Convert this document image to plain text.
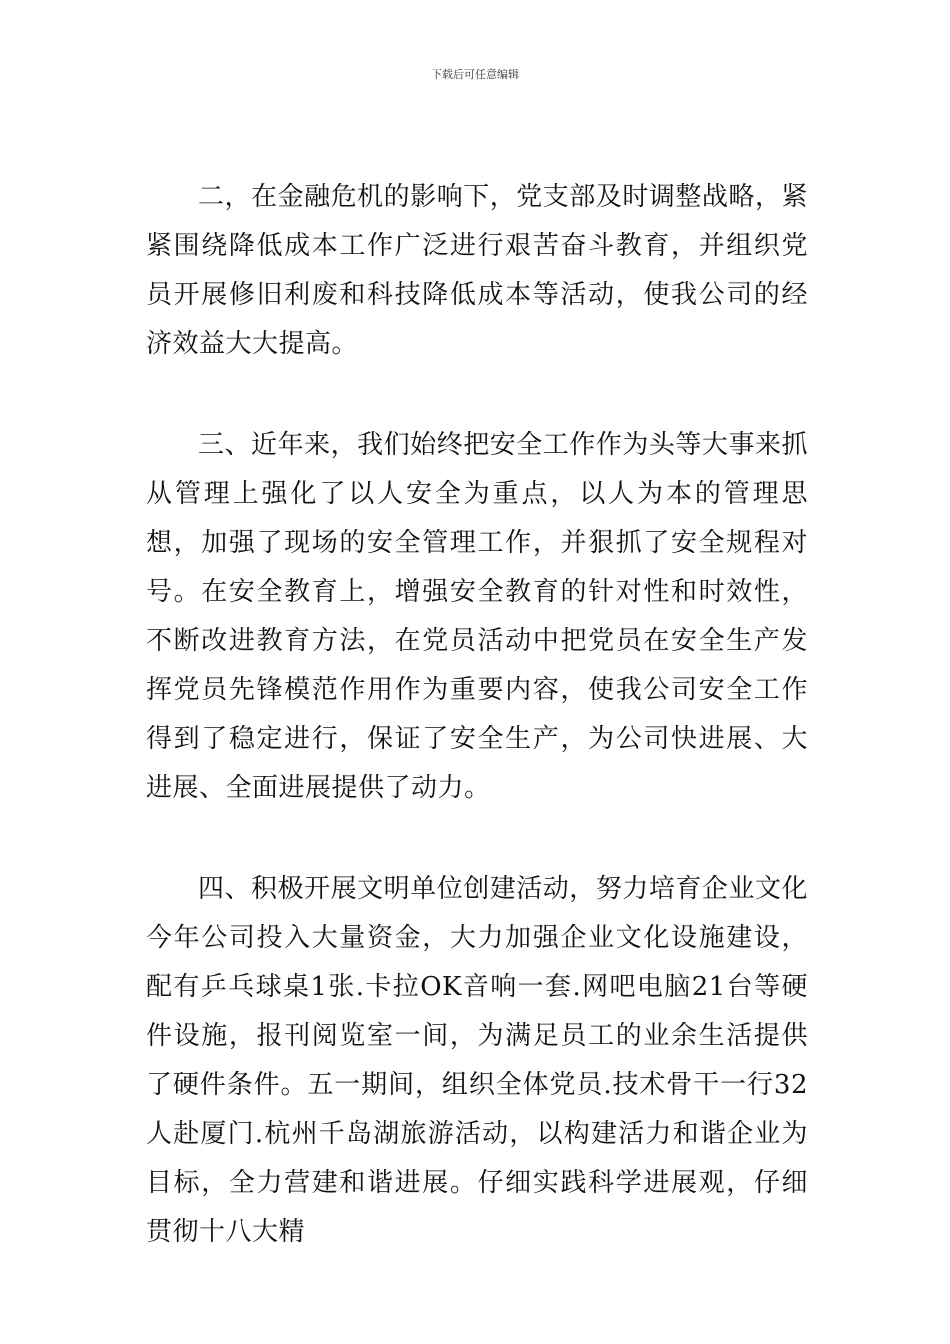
下载后可任意编辑

二，在金融危机的影响下，党支部及时调整战略，紧紧围绕降低成本工作广泛进行艰苦奋斗教育，并组织党员开展修旧利废和科技降低成本等活动，使我公司的经济效益大大提高。

三、近年来，我们始终把安全工作作为头等大事来抓从管理上强化了以人安全为重点，以人为本的管理思想，加强了现场的安全管理工作，并狠抓了安全规程对号。在安全教育上，增强安全教育的针对性和时效性，不断改进教育方法，在党员活动中把党员在安全生产发挥党员先锋模范作用作为重要内容，使我公司安全工作得到了稳定进行，保证了安全生产，为公司快进展、大进展、全面进展提供了动力。

四、积极开展文明单位创建活动，努力培育企业文化今年公司投入大量资金，大力加强企业文化设施建设，配有乒乓球桌1张.卡拉OK音响一套.网吧电脑21台等硬件设施，报刊阅览室一间，为满足员工的业余生活提供了硬件条件。五一期间，组织全体党员.技术骨干一行32人赴厦门.杭州千岛湖旅游活动，以构建活力和谐企业为目标，全力营建和谐进展。仔细实践科学进展观，仔细贯彻十八大精
